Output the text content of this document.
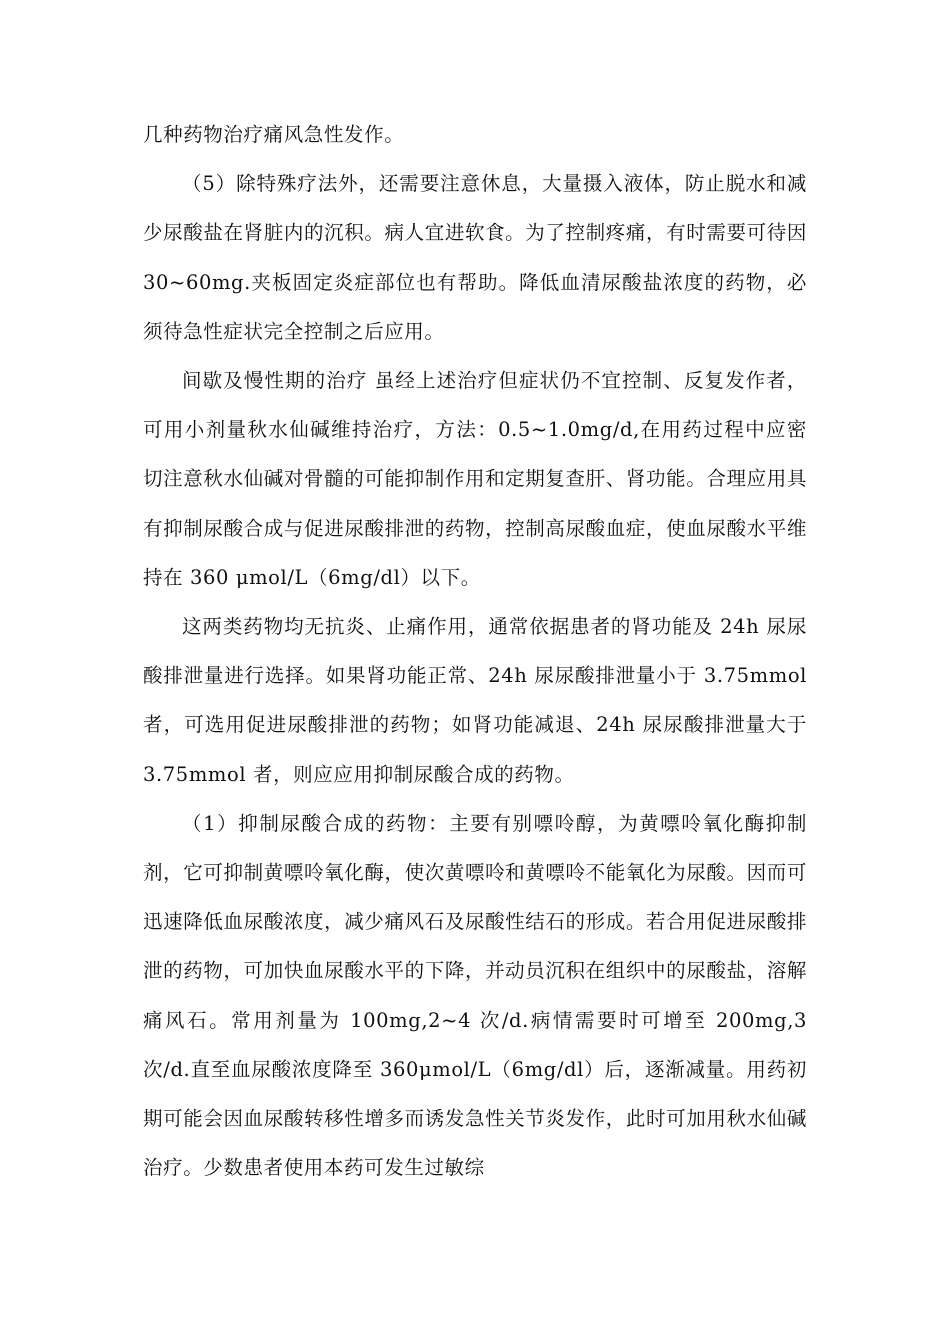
几种药物治疗痛风急性发作。

（5）除特殊疗法外，还需要注意休息，大量摄入液体，防止脱水和减少尿酸盐在肾脏内的沉积。病人宜进软食。为了控制疼痛，有时需要可待因 30~60mg.夹板固定炎症部位也有帮助。降低血清尿酸盐浓度的药物，必须待急性症状完全控制之后应用。

间歇及慢性期的治疗 虽经上述治疗但症状仍不宜控制、反复发作者，可用小剂量秋水仙碱维持治疗，方法：0.5~1.0mg/d,在用药过程中应密切注意秋水仙碱对骨髓的可能抑制作用和定期复查肝、肾功能。合理应用具有抑制尿酸合成与促进尿酸排泄的药物，控制高尿酸血症，使血尿酸水平维持在 360 μmol/L（6mg/dl）以下。

这两类药物均无抗炎、止痛作用，通常依据患者的肾功能及 24h 尿尿酸排泄量进行选择。如果肾功能正常、24h 尿尿酸排泄量小于 3.75mmol 者，可选用促进尿酸排泄的药物；如肾功能减退、24h 尿尿酸排泄量大于 3.75mmol 者，则应应用抑制尿酸合成的药物。

（1）抑制尿酸合成的药物：主要有别嘌呤醇，为黄嘌呤氧化酶抑制剂，它可抑制黄嘌呤氧化酶，使次黄嘌呤和黄嘌呤不能氧化为尿酸。因而可迅速降低血尿酸浓度，减少痛风石及尿酸性结石的形成。若合用促进尿酸排泄的药物，可加快血尿酸水平的下降，并动员沉积在组织中的尿酸盐，溶解痛风石。常用剂量为 100mg,2~4 次/d.病情需要时可增至 200mg,3 次/d.直至血尿酸浓度降至 360μmol/L（6mg/dl）后，逐渐减量。用药初期可能会因血尿酸转移性增多而诱发急性关节炎发作，此时可加用秋水仙碱治疗。少数患者使用本药可发生过敏综
